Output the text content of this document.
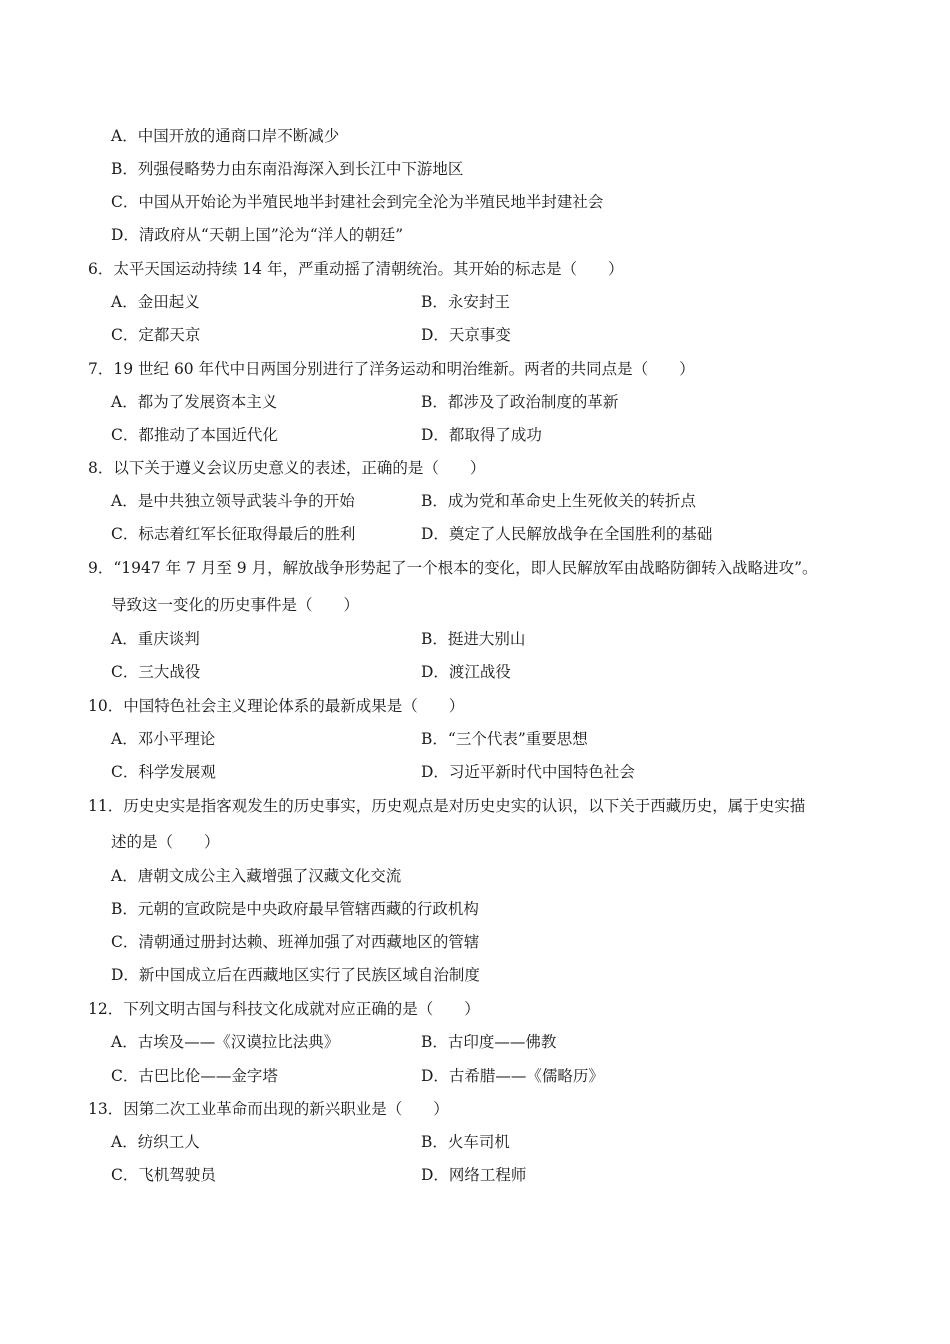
A．中国开放的通商口岸不断减少
B．列强侵略势力由东南沿海深入到长江中下游地区
C．中国从开始论为半殖民地半封建社会到完全沦为半殖民地半封建社会
D．清政府从“天朝上国”沦为“洋人的朝廷”
6．太平天国运动持续 14 年，严重动摇了清朝统治。其开始的标志是（　　）
A．金田起义	B．永安封王
C．定都天京	D．天京事变
7．19 世纪 60 年代中日两国分别进行了洋务运动和明治维新。两者的共同点是（　　）
A．都为了发展资本主义	B．都涉及了政治制度的革新
C．都推动了本国近代化	D．都取得了成功
8．以下关于遵义会议历史意义的表述，正确的是（　　）
A．是中共独立领导武装斗争的开始	B．成为党和革命史上生死攸关的转折点
C．标志着红军长征取得最后的胜利	D．奠定了人民解放战争在全国胜利的基础
9．“1947 年 7 月至 9 月，解放战争形势起了一个根本的变化，即人民解放军由战略防御转入战略进攻”。
导致这一变化的历史事件是（　　）
A．重庆谈判	B．挺进大别山
C．三大战役	D．渡江战役
10．中国特色社会主义理论体系的最新成果是（　　）
A．邓小平理论	B．“三个代表”重要思想
C．科学发展观	D．习近平新时代中国特色社会
11．历史史实是指客观发生的历史事实，历史观点是对历史史实的认识，以下关于西藏历史，属于史实描
述的是（　　）
A．唐朝文成公主入藏增强了汉藏文化交流
B．元朝的宣政院是中央政府最早管辖西藏的行政机构
C．清朝通过册封达赖、班禅加强了对西藏地区的管辖
D．新中国成立后在西藏地区实行了民族区域自治制度
12．下列文明古国与科技文化成就对应正确的是（　　）
A．古埃及——《汉谟拉比法典》	B．古印度——佛教
C．古巴比伦——金字塔	D．古希腊——《儒略历》
13．因第二次工业革命而出现的新兴职业是（　　）
A．纺织工人	B．火车司机
C．飞机驾驶员	D．网络工程师
